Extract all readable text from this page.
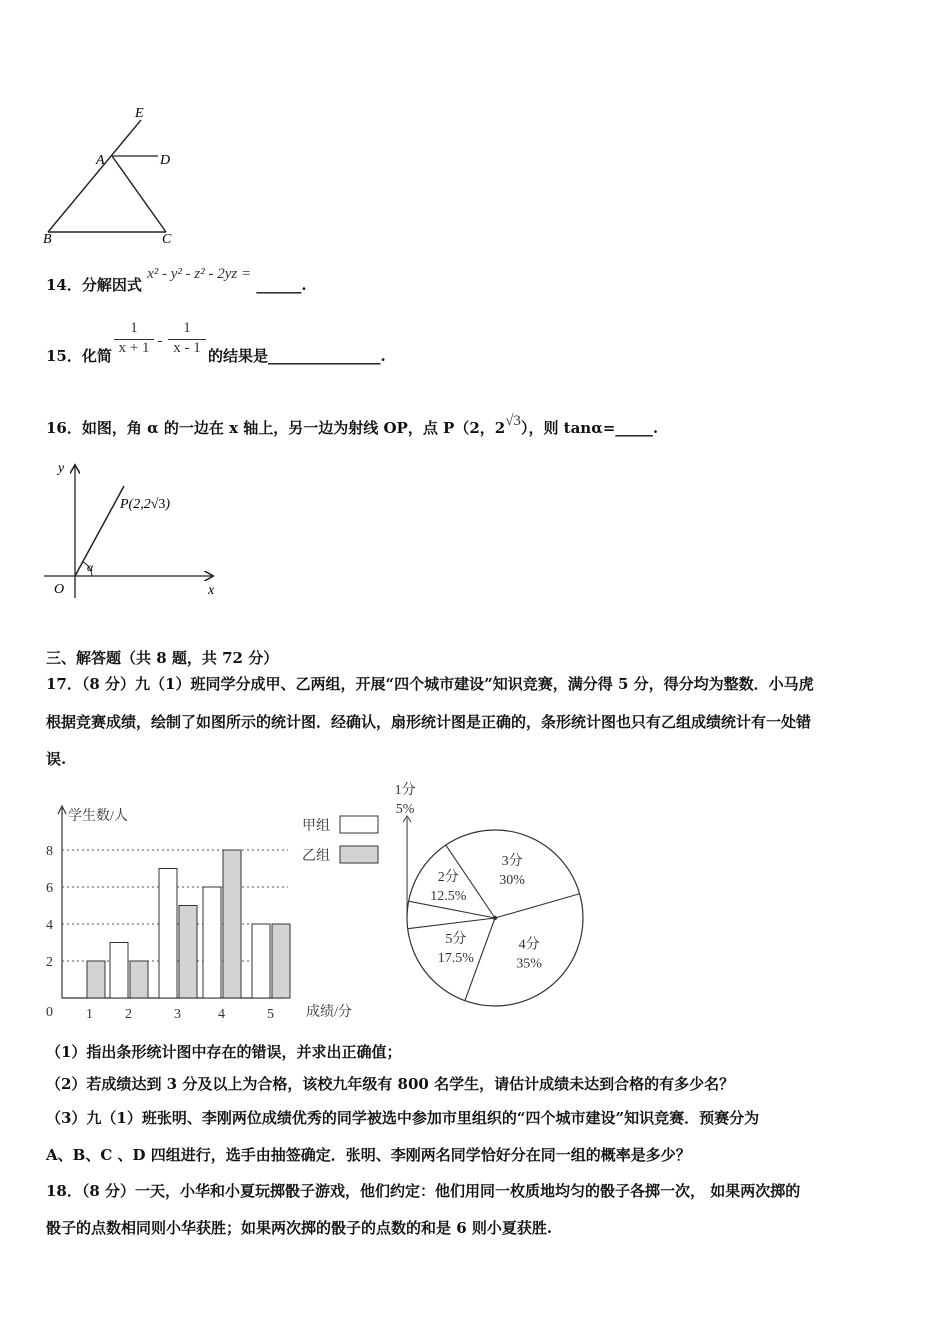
E
A	D
B	C
14．分解因式 x² - y² - z² - 2yz = ______.
15．化简 $\frac{1}{x + 1} - \frac{1}{x - 1}$ 的结果是_______________.
16．如图，角 α 的一边在 x 轴上，另一边为射线 OP，点 P（2，2√3），则 tanα=_____.
y
x
O
α
P(2,2√3)
三、解答题（共 8 题，共 72 分）
17．（8 分）九（1）班同学分成甲、乙两组，开展“四个城市建设”知识竞赛，满分得 5 分，得分均为整数．小马虎
根据竞赛成绩，绘制了如图所示的统计图．经确认，扇形统计图是正确的，条形统计图也只有乙组成绩统计有一处错
误.
2
4
6
8
0
学生数/人
成绩/分
1 2	3	4	5
甲组
乙组
1分
5%
2分
12.5%
3分
30%
4分
35%
5分
17.5%
（1）指出条形统计图中存在的错误，并求出正确值；
（2）若成绩达到 3 分及以上为合格，该校九年级有 800 名学生，请估计成绩未达到合格的有多少名？
（3）九（1）班张明、李刚两位成绩优秀的同学被选中参加市里组织的“四个城市建设”知识竞赛．预赛分为
A、B、C 、D 四组进行，选手由抽签确定．张明、李刚两名同学恰好分在同一组的概率是多少？
18．（8 分）一天，小华和小夏玩掷骰子游戏，他们约定：他们用同一枚质地均匀的骰子各掷一次， 如果两次掷的
骰子的点数相同则小华获胜；如果两次掷的骰子的点数的和是 6 则小夏获胜.
